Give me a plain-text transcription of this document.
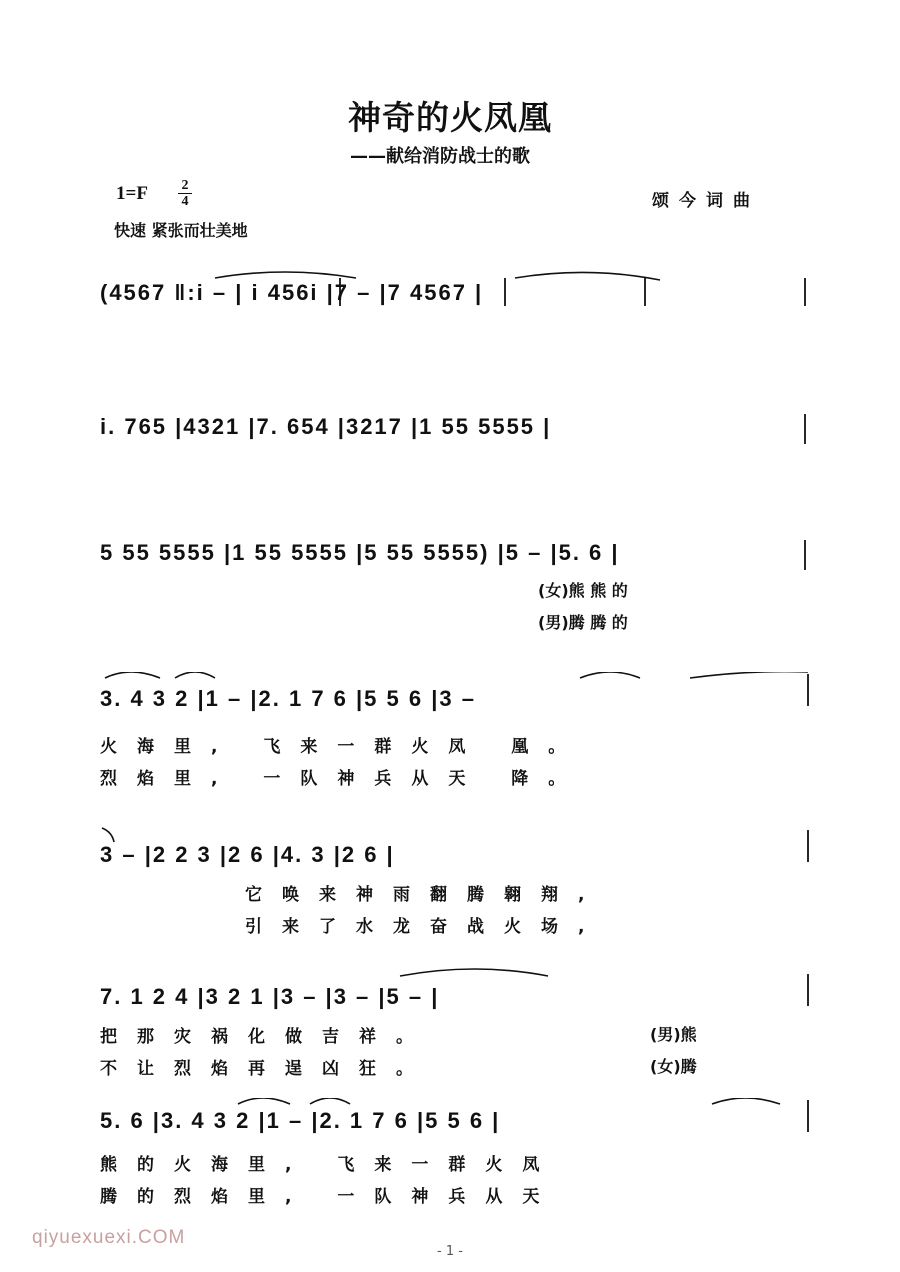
神奇的火凤凰
——献给消防战士的歌
1=F 2
4
快速 紧张而壮美地
颂今词曲
(4567 ‖:i – | i 456i |7 – |7 4567 |
i. 765 |4321 |7. 654 |3217 |1 55 5555 |
5 55 5555 |1 55 5555 |5 55 5555) |5 – |5. 6 |
(女)熊 熊 的
(男)腾 腾 的
3. 4 3 2 |1 – |2. 1 7 6 |5 5 6 |3 –
火海里, 飞来一群火凤 凰。
烈焰里, 一队神兵从天 降。
3 – |2 2 3 |2 6 |4. 3 |2 6 |
它唤来神雨翻腾翱翔,
引来了水龙奋战火场,
7. 1 2 4 |3 2 1 |3 – |3 – |5 – |
把那灾祸化做吉祥。	(男)熊
不让烈焰再逞凶狂。	(女)腾
5. 6 |3. 4 3 2 |1 – |2. 1 7 6 |5 5 6 |
熊的火海里, 飞来一群火凤
腾的烈焰里, 一队神兵从天
qiyuexuexi.COM
- 1 -
